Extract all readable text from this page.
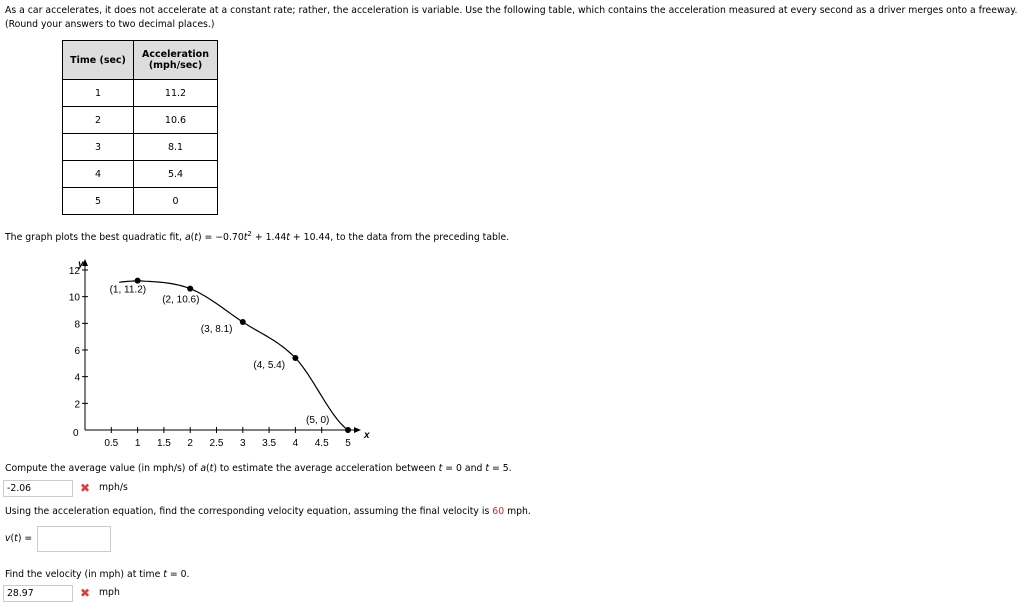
As a car accelerates, it does not accelerate at a constant rate; rather, the acceleration is variable. Use the following table, which contains the acceleration measured at every second as a driver merges onto a freeway. (Round your answers to two decimal places.)
Time (sec)	Acceleration
(mph/sec)
1	11.2
2	10.6
3	8.1
4	5.4
5	0
The graph plots the best quadratic fit, $a(t) = -0.70t^2 + 1.44t + 10.44$, to the data from the preceding table.
x
y
0
0.5 1 1.5 2 2.5 3 3.5 4 4.5 5
2
4
6
8
10
12
(1, 11.2)
(2, 10.6)
(3, 8.1)
(4, 5.4)
(5, 0)
Compute the average value (in mph/s) of a(t) to estimate the average acceleration between t = 0 and t = 5.
-2.06	✖ mph/s
Using the acceleration equation, find the corresponding velocity equation, assuming the final velocity is 60 mph.
v(t) =
Find the velocity (in mph) at time t = 0.
28.97	✖ mph
